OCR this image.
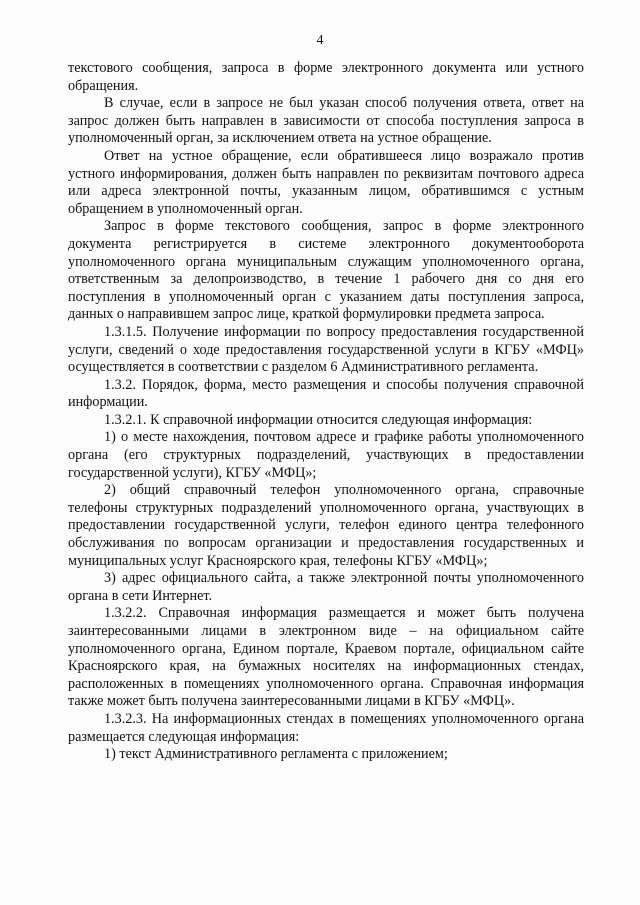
4

текстового сообщения, запроса в форме электронного документа или устного обращения.

В случае, если в запросе не был указан способ получения ответа, ответ на запрос должен быть направлен в зависимости от способа поступления запроса в уполномоченный орган, за исключением ответа на устное обращение.

Ответ на устное обращение, если обратившееся лицо возражало против устного информирования, должен быть направлен по реквизитам почтового адреса или адреса электронной почты, указанным лицом, обратившимся с устным обращением в уполномоченный орган.

Запрос в форме текстового сообщения, запрос в форме электронного документа регистрируется в системе электронного документооборота уполномоченного органа муниципальным служащим уполномоченного органа, ответственным за делопроизводство, в течение 1 рабочего дня со дня его поступления в уполномоченный орган с указанием даты поступления запроса, данных о направившем запрос лице, краткой формулировки предмета запроса.

1.3.1.5. Получение информации по вопросу предоставления государственной услуги, сведений о ходе предоставления государственной услуги в КГБУ «МФЦ» осуществляется в соответствии с разделом 6 Административного регламента.

1.3.2. Порядок, форма, место размещения и способы получения справочной информации.

1.3.2.1. К справочной информации относится следующая информация:

1) о месте нахождения, почтовом адресе и графике работы уполномоченного органа (его структурных подразделений, участвующих в предоставлении государственной услуги), КГБУ «МФЦ»;

2) общий справочный телефон уполномоченного органа, справочные телефоны структурных подразделений уполномоченного органа, участвующих в предоставлении государственной услуги, телефон единого центра телефонного обслуживания по вопросам организации и предоставления государственных и муниципальных услуг Красноярского края, телефоны КГБУ «МФЦ»;

3) адрес официального сайта, а также электронной почты уполномоченного органа в сети Интернет.

1.3.2.2. Справочная информация размещается и может быть получена заинтересованными лицами в электронном виде – на официальном сайте уполномоченного органа, Едином портале, Краевом портале, официальном сайте Красноярского края, на бумажных носителях на информационных стендах, расположенных в помещениях уполномоченного органа. Справочная информация также может быть получена заинтересованными лицами в КГБУ «МФЦ».

1.3.2.3. На информационных стендах в помещениях уполномоченного органа размещается следующая информация:

1) текст Административного регламента с приложением;
